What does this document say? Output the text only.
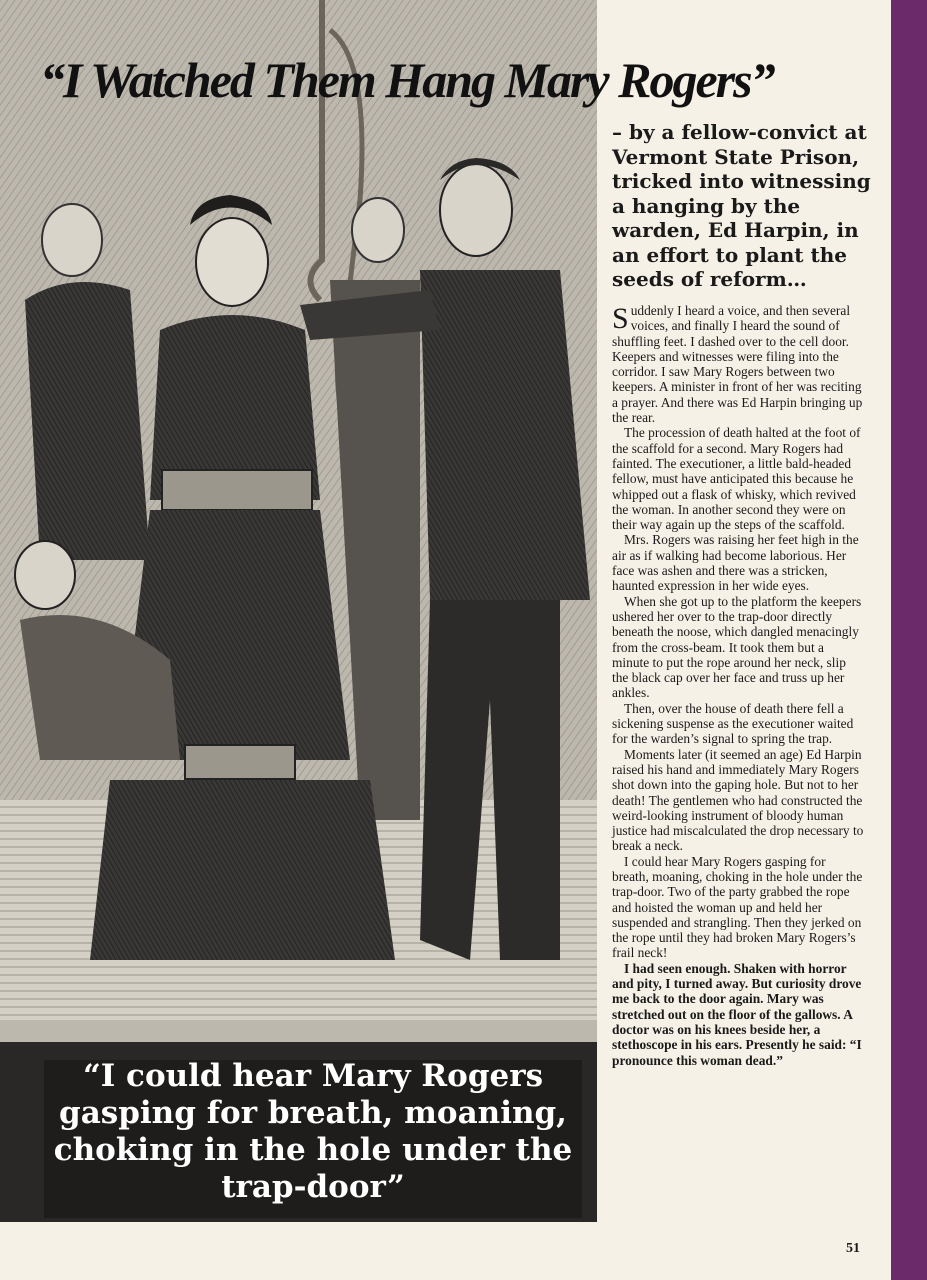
“I Watched Them Hang Mary Rogers”
– by a fellow-convict at Vermont State Prison, tricked into witnessing a hanging by the warden, Ed Harpin, in an effort to plant the seeds of reform…

Suddenly I heard a voice, and then several voices, and finally I heard the sound of shuffling feet. I dashed over to the cell door. Keepers and witnesses were filing into the corridor. I saw Mary Rogers between two keepers. A minister in front of her was reciting a prayer. And there was Ed Harpin bringing up the rear.

The procession of death halted at the foot of the scaffold for a second. Mary Rogers had fainted. The executioner, a little bald-headed fellow, must have anticipated this because he whipped out a flask of whisky, which revived the woman. In another second they were on their way again up the steps of the scaffold.

Mrs. Rogers was raising her feet high in the air as if walking had become laborious. Her face was ashen and there was a stricken, haunted expression in her wide eyes.

When she got up to the platform the keepers ushered her over to the trap-door directly beneath the noose, which dangled menacingly from the cross-beam. It took them but a minute to put the rope around her neck, slip the black cap over her face and truss up her ankles.

Then, over the house of death there fell a sickening suspense as the executioner waited for the warden’s signal to spring the trap.

Moments later (it seemed an age) Ed Harpin raised his hand and immediately Mary Rogers shot down into the gaping hole. But not to her death! The gentlemen who had constructed the weird-looking instrument of bloody human justice had miscalculated the drop necessary to break a neck.

I could hear Mary Rogers gasping for breath, moaning, choking in the hole under the trap-door. Two of the party grabbed the rope and hoisted the woman up and held her suspended and strangling. Then they jerked on the rope until they had broken Mary Rogers’s frail neck!

I had seen enough. Shaken with horror and pity, I turned away. But curiosity drove me back to the door again. Mary was stretched out on the floor of the gallows. A doctor was on his knees beside her, a stethoscope in his ears. Presently he said: “I pronounce this woman dead.”

“I could hear Mary Rogers gasping for breath, moaning, choking in the hole under the trap-door”
51
